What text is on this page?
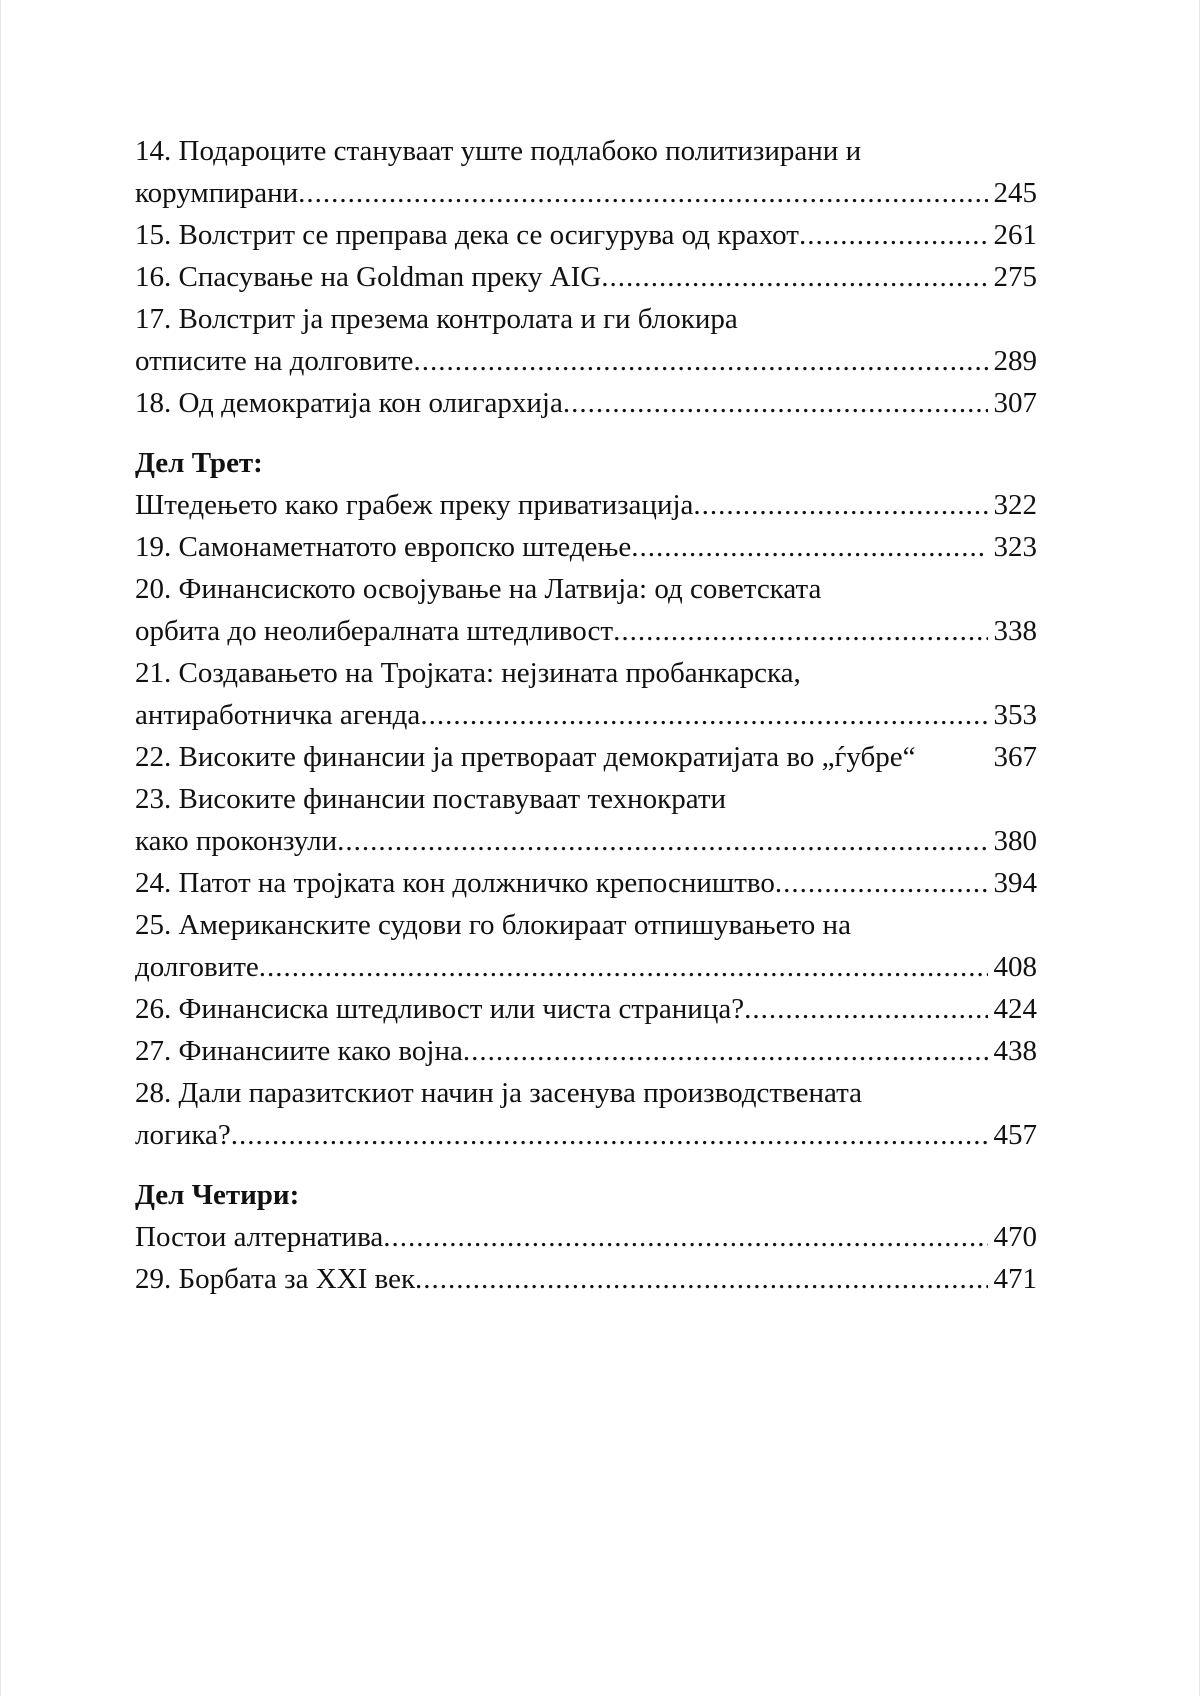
14. Подароците стануваат уште подлабоко политизирани и
корумпирани .....	245
15. Волстрит се преправа дека се осигурува од крахот .....	261
16. Спасување на Goldman преку AIG .....	275
17. Волстрит ја презема контролата и ги блокира
отписите на долговите .....	289
18. Од демократија кон олигархија .....	307
Дел Трет:
Штедењето како грабеж преку приватизација .....	322
19. Самонаметнатото европско штедење .....	323
20. Финансиското освојување на Латвија: од советската
орбита до неолибералната штедливост .....	338
21. Создавањето на Тројката: нејзината пробанкарска,
антиработничка агенда .....	353
22. Високите финансии ја претвораат демократијата во „ѓубре“	367
23. Високите финансии поставуваат технократи
како проконзули .....	380
24. Патот на тројката кон должничко крепосништво .....	394
25. Американските судови го блокираат отпишувањето на
долговите .....	408
26. Финансиска штедливост или чиста страница? .....	424
27. Финансиите како војна .....	438
28. Дали паразитскиот начин ја засенува производствената
логика? .....	457
Дел Четири:
Постои алтернатива .....	470
29. Борбата за XXI век .....	471
